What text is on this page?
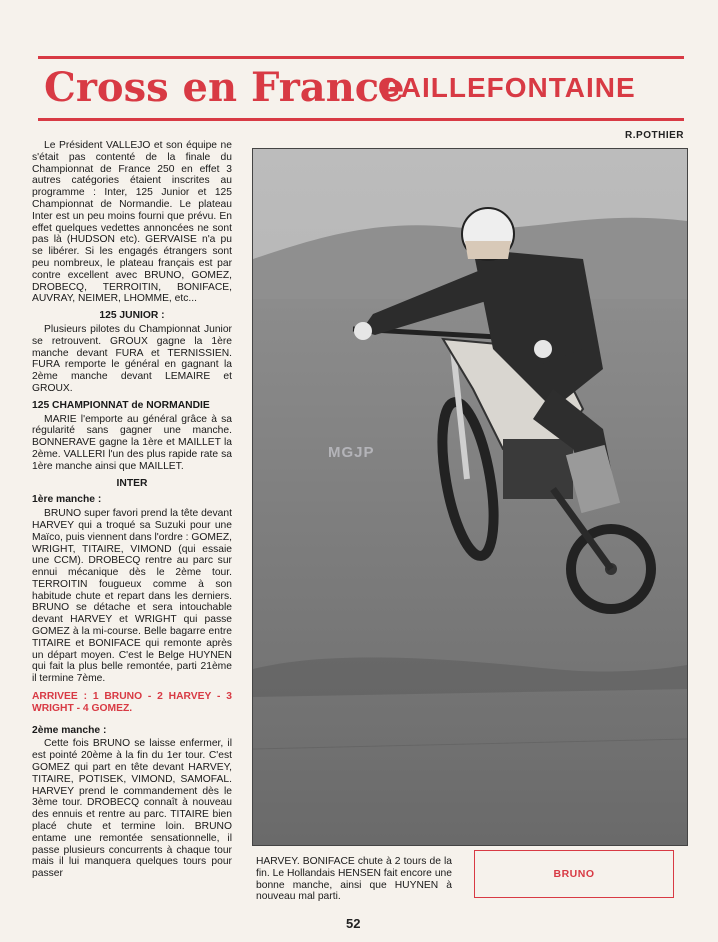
Cross en France
GAILLEFONTAINE
R.POTHIER

Le Président VALLEJO et son équipe ne s'était pas contenté de la finale du Championnat de France 250 en effet 3 autres catégories étaient inscrites au programme : Inter, 125 Junior et 125 Championnat de Normandie. Le plateau Inter est un peu moins fourni que prévu. En effet quelques vedettes annoncées ne sont pas là (HUDSON etc). GERVAISE n'a pu se libérer. Si les engagés étrangers sont peu nombreux, le plateau français est par contre excellent avec BRUNO, GOMEZ, DROBECQ, TERROITIN, BONIFACE, AUVRAY, NEIMER, LHOMME, etc...

125 JUNIOR :

Plusieurs pilotes du Championnat Junior se retrouvent. GROUX gagne la 1ère manche devant FURA et TERNISSIEN. FURA remporte le général en gagnant la 2ème manche devant LEMAIRE et GROUX.

125 CHAMPIONNAT de NORMANDIE

MARIE l'emporte au général grâce à sa régularité sans gagner une manche. BONNERAVE gagne la 1ère et MAILLET la 2ème. VALLERI l'un des plus rapide rate sa 1ère manche ainsi que MAILLET.

INTER
1ère manche :

BRUNO super favori prend la tête devant HARVEY qui a troqué sa Suzuki pour une Maïco, puis viennent dans l'ordre : GOMEZ, WRIGHT, TITAIRE, VIMOND (qui essaie une CCM). DROBECQ rentre au parc sur ennui mécanique dès le 2ème tour. TERROITIN fougueux comme à son habitude chute et repart dans les derniers. BRUNO se détache et sera intouchable devant HARVEY et WRIGHT qui passe GOMEZ à la mi-course. Belle bagarre entre TITAIRE et BONIFACE qui remonte après un départ moyen. C'est le Belge HUYNEN qui fait la plus belle remontée, parti 21ème il termine 7ème.

ARRIVEE : 1 BRUNO - 2 HARVEY - 3 WRIGHT - 4 GOMEZ.

2ème manche :

Cette fois BRUNO se laisse enfermer, il est pointé 20ème à la fin du 1er tour. C'est GOMEZ qui part en tête devant HARVEY, TITAIRE, POTISEK, VIMOND, SAMOFAL. HARVEY prend le commandement dès le 3ème tour. DROBECQ connaît à nouveau des ennuis et rentre au parc. TITAIRE bien placé chute et termine loin. BRUNO entame une remontée sensationnelle, il passe plusieurs concurrents à chaque tour mais il lui manquera quelques tours pour passer

MGJP

HARVEY. BONIFACE chute à 2 tours de la fin. Le Hollandais HENSEN fait encore une bonne manche, ainsi que HUYNEN à nouveau mal parti.

BRUNO
52
